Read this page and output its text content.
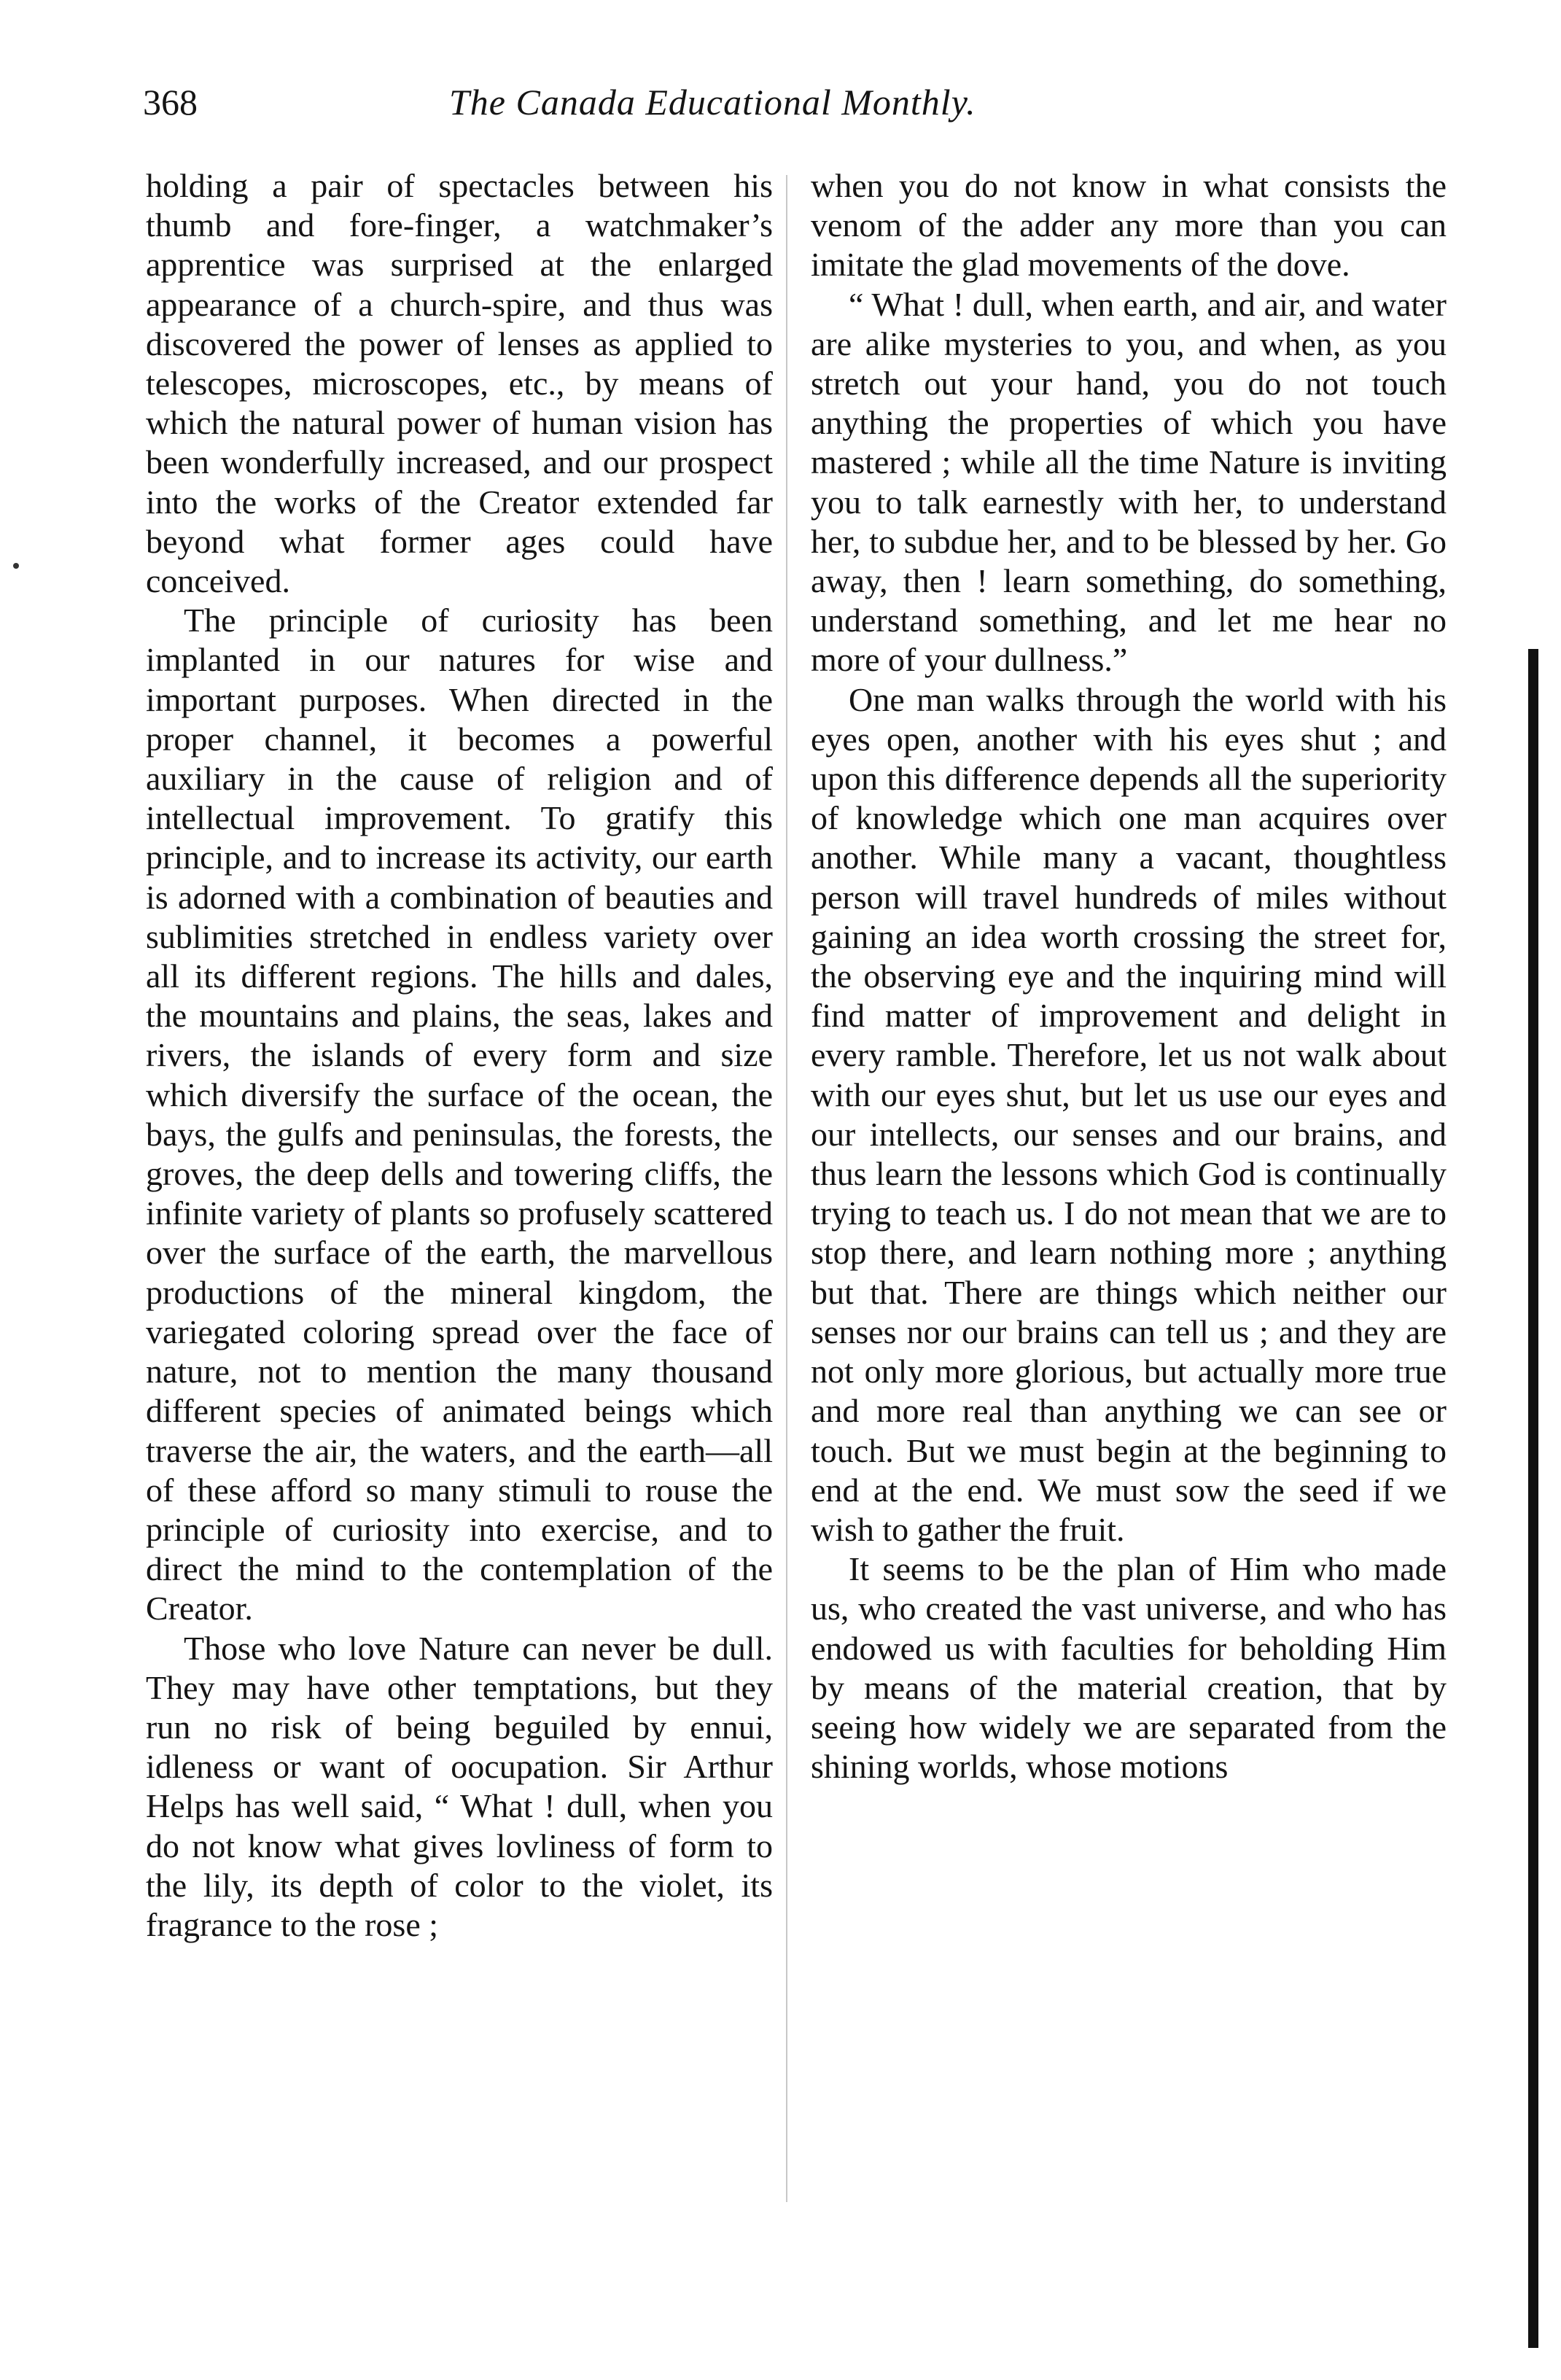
368	The Canada Educational Monthly.

holding a pair of spectacles between his thumb and fore-finger, a watchmaker’s apprentice was surprised at the enlarged appearance of a church-spire, and thus was discovered the power of lenses as applied to telescopes, microscopes, etc., by means of which the natural power of human vision has been wonderfully increased, and our prospect into the works of the Creator extended far beyond what former ages could have conceived.

The principle of curiosity has been implanted in our natures for wise and important purposes. When directed in the proper channel, it becomes a powerful auxiliary in the cause of religion and of intellectual improvement. To gratify this principle, and to increase its activity, our earth is adorned with a combination of beauties and sublimities stretched in endless variety over all its different regions. The hills and dales, the mountains and plains, the seas, lakes and rivers, the islands of every form and size which diversify the surface of the ocean, the bays, the gulfs and peninsulas, the forests, the groves, the deep dells and towering cliffs, the infinite variety of plants so profusely scattered over the surface of the earth, the marvellous productions of the mineral kingdom, the variegated coloring spread over the face of nature, not to mention the many thousand different species of animated beings which traverse the air, the waters, and the earth—all of these afford so many stimuli to rouse the principle of curiosity into exercise, and to direct the mind to the contemplation of the Creator.

Those who love Nature can never be dull. They may have other temptations, but they run no risk of being beguiled by ennui, idleness or want of oocupation. Sir Arthur Helps has well said, “ What ! dull, when you do not know what gives lovliness of form to the lily, its depth of color to the violet, its fragrance to the rose ;

when you do not know in what consists the venom of the adder any more than you can imitate the glad movements of the dove.

“ What ! dull, when earth, and air, and water are alike mysteries to you, and when, as you stretch out your hand, you do not touch anything the properties of which you have mastered ; while all the time Nature is inviting you to talk earnestly with her, to understand her, to subdue her, and to be blessed by her. Go away, then ! learn something, do something, understand something, and let me hear no more of your dullness.”

One man walks through the world with his eyes open, another with his eyes shut ; and upon this difference depends all the superiority of knowledge which one man acquires over another. While many a vacant, thoughtless person will travel hundreds of miles without gaining an idea worth crossing the street for, the observing eye and the inquiring mind will find matter of improvement and delight in every ramble. Therefore, let us not walk about with our eyes shut, but let us use our eyes and our intellects, our senses and our brains, and thus learn the lessons which God is continually trying to teach us. I do not mean that we are to stop there, and learn nothing more ; anything but that. There are things which neither our senses nor our brains can tell us ; and they are not only more glorious, but actually more true and more real than anything we can see or touch. But we must begin at the beginning to end at the end. We must sow the seed if we wish to gather the fruit.

It seems to be the plan of Him who made us, who created the vast universe, and who has endowed us with faculties for beholding Him by means of the material creation, that by seeing how widely we are separated from the shining worlds, whose motions
